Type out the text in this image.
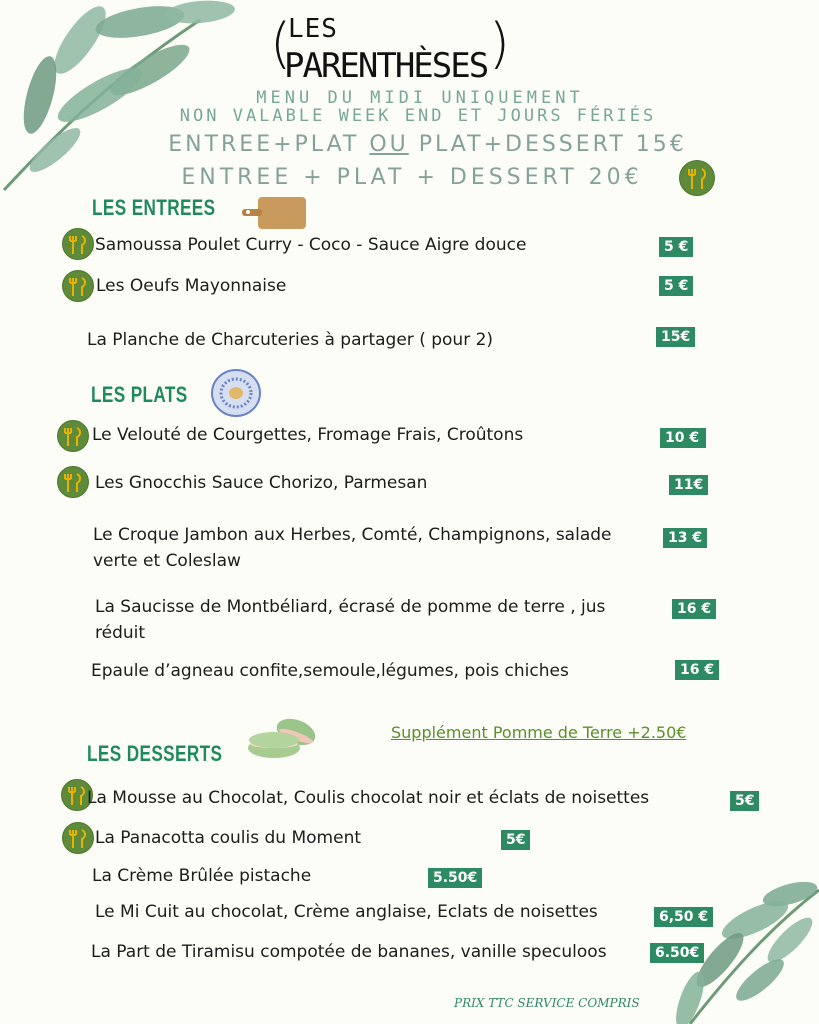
(
LES
PARENTHÈSES )
MENU DU MIDI UNIQUEMENT
NON VALABLE WEEK END ET JOURS FÉRIÉS
ENTREE+PLAT OU PLAT+DESSERT 15€
ENTREE + PLAT + DESSERT 20€
LES ENTREES
Samoussa Poulet Curry - Coco - Sauce Aigre douce	5 €
Les Oeufs Mayonnaise	5 €
La Planche de Charcuteries à partager ( pour 2)	15€
LES PLATS
Le Velouté de Courgettes, Fromage Frais, Croûtons	10 €
Les Gnocchis Sauce Chorizo, Parmesan	11€
Le Croque Jambon aux Herbes, Comté, Champignons, salade
verte et Coleslaw
13 €
La Saucisse de Montbéliard, écrasé de pomme de terre , jus
réduit
16 €
Epaule d’agneau confite,semoule,légumes, pois chiches	16 €
Supplément Pomme de Terre +2.50€
LES DESSERTS
La Mousse au Chocolat, Coulis chocolat noir et éclats de noisettes	5€
La Panacotta coulis du Moment	5€
La Crème Brûlée pistache	5.50€
Le Mi Cuit au chocolat, Crème anglaise, Eclats de noisettes	6,50 €
La Part de Tiramisu compotée de bananes, vanille speculoos	6.50€
PRIX TTC SERVICE COMPRIS
